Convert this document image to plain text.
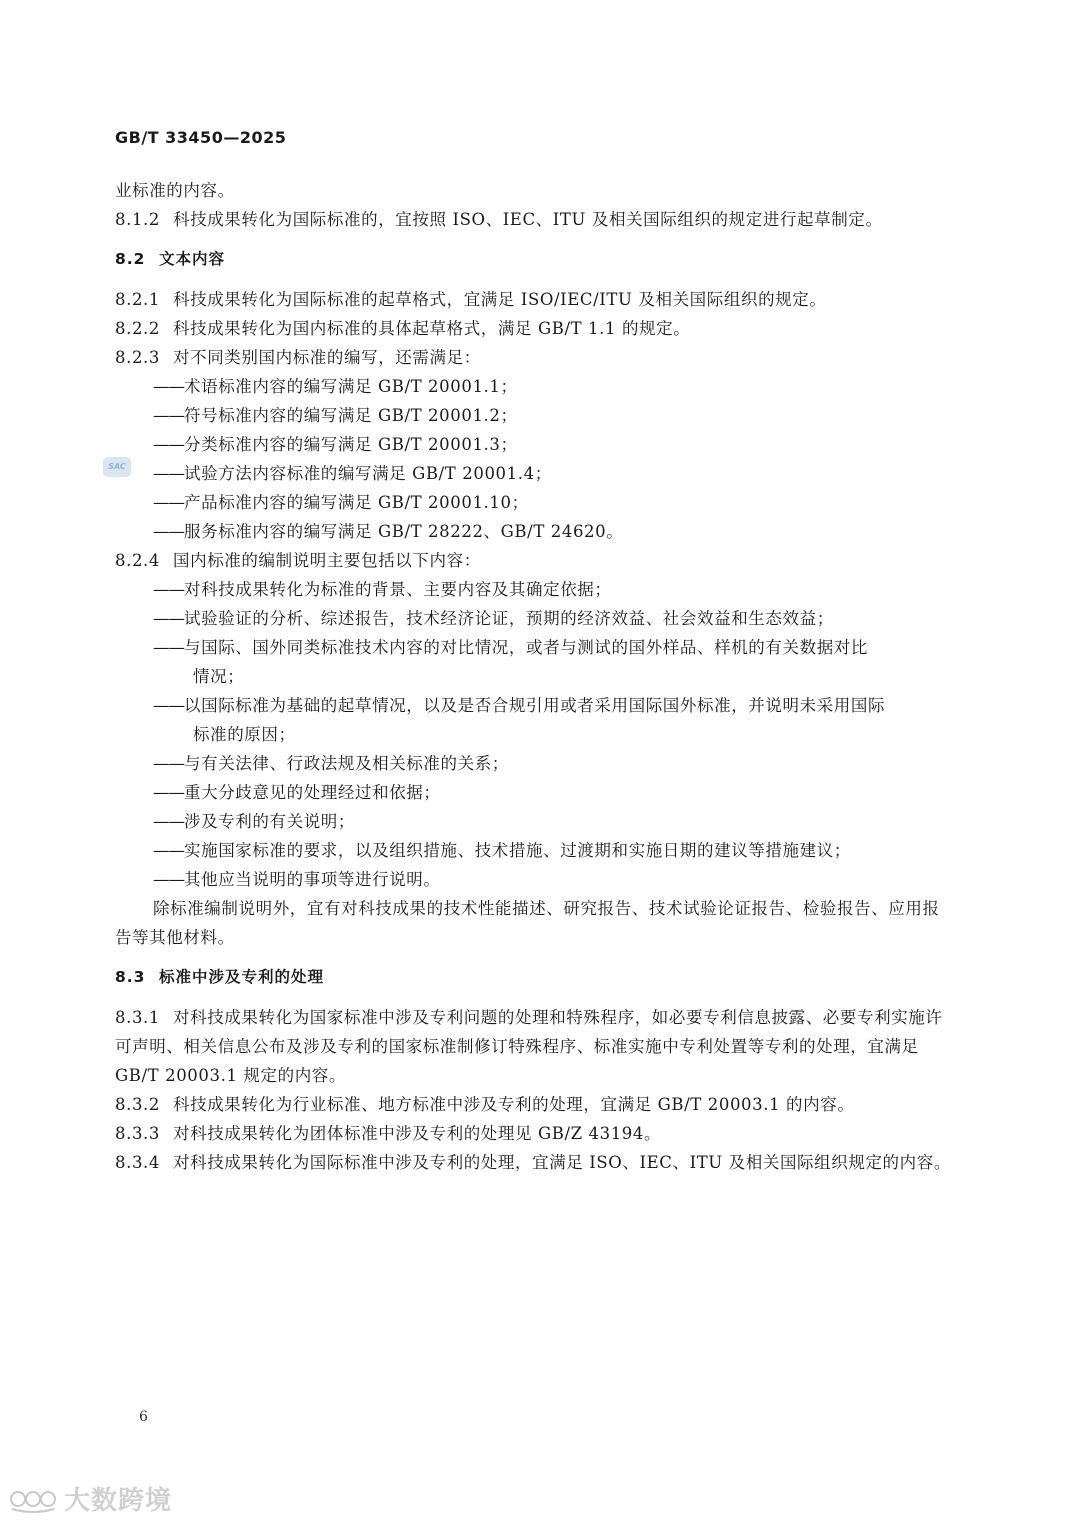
GB/T 33450—2025
SAC
业标准的内容。
8.1.2 科技成果转化为国际标准的，宜按照 ISO、IEC、ITU 及相关国际组织的规定进行起草制定。
8.2 文本内容
8.2.1 科技成果转化为国际标准的起草格式，宜满足 ISO/IEC/ITU 及相关国际组织的规定。
8.2.2 科技成果转化为国内标准的具体起草格式，满足 GB/T 1.1 的规定。
8.2.3 对不同类别国内标准的编写，还需满足：
——术语标准内容的编写满足 GB/T 20001.1；
——符号标准内容的编写满足 GB/T 20001.2；
——分类标准内容的编写满足 GB/T 20001.3；
——试验方法内容标准的编写满足 GB/T 20001.4；
——产品标准内容的编写满足 GB/T 20001.10；
——服务标准内容的编写满足 GB/T 28222、GB/T 24620。
8.2.4 国内标准的编制说明主要包括以下内容：
——对科技成果转化为标准的背景、主要内容及其确定依据；
——试验验证的分析、综述报告，技术经济论证，预期的经济效益、社会效益和生态效益；
——与国际、国外同类标准技术内容的对比情况，或者与测试的国外样品、样机的有关数据对比
情况；
——以国际标准为基础的起草情况，以及是否合规引用或者采用国际国外标准，并说明未采用国际
标准的原因；
——与有关法律、行政法规及相关标准的关系；
——重大分歧意见的处理经过和依据；
——涉及专利的有关说明；
——实施国家标准的要求，以及组织措施、技术措施、过渡期和实施日期的建议等措施建议；
——其他应当说明的事项等进行说明。
除标准编制说明外，宜有对科技成果的技术性能描述、研究报告、技术试验论证报告、检验报告、应用报告等其他材料。
8.3 标准中涉及专利的处理
8.3.1 对科技成果转化为国家标准中涉及专利问题的处理和特殊程序，如必要专利信息披露、必要专利实施许可声明、相关信息公布及涉及专利的国家标准制修订特殊程序、标准实施中专利处置等专利的处理，宜满足 GB/T 20003.1 规定的内容。
8.3.2 科技成果转化为行业标准、地方标准中涉及专利的处理，宜满足 GB/T 20003.1 的内容。
8.3.3 对科技成果转化为团体标准中涉及专利的处理见 GB/Z 43194。
8.3.4 对科技成果转化为国际标准中涉及专利的处理，宜满足 ISO、IEC、ITU 及相关国际组织规定的内容。
6
大数跨境
